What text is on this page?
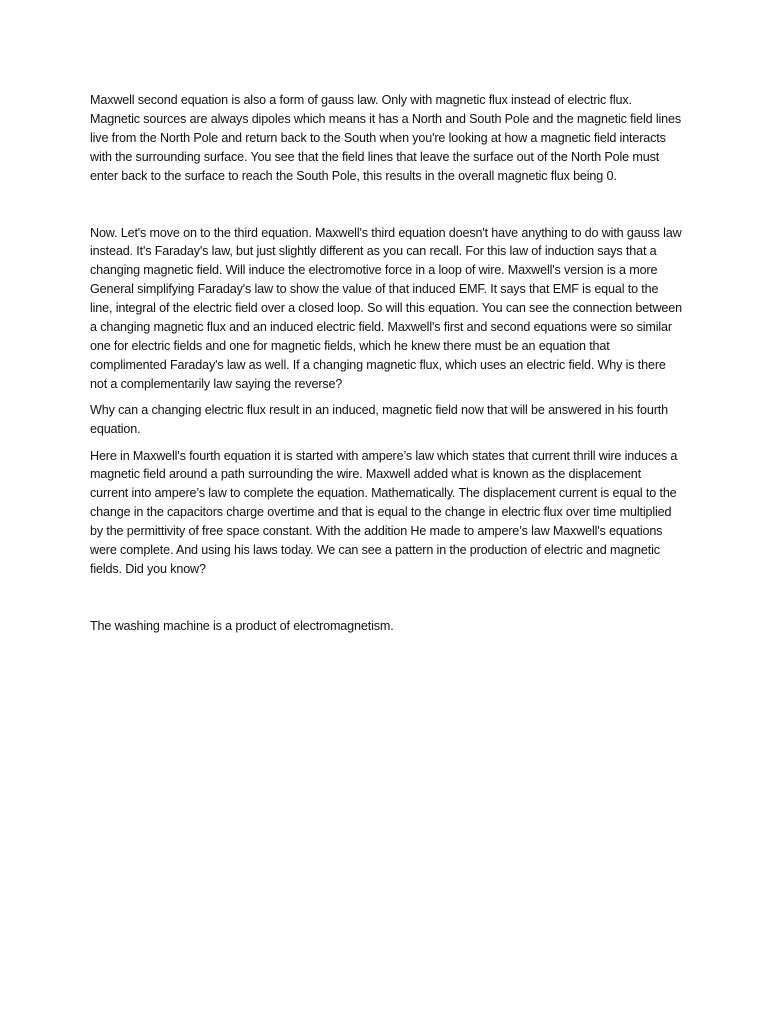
Maxwell second equation is also a form of gauss law. Only with magnetic flux instead of electric flux. Magnetic sources are always dipoles which means it has a North and South Pole and the magnetic field lines live from the North Pole and return back to the South when you're looking at how a magnetic field interacts with the surrounding surface. You see that the field lines that leave the surface out of the North Pole must enter back to the surface to reach the South Pole, this results in the overall magnetic flux being 0.

Now. Let's move on to the third equation. Maxwell's third equation doesn't have anything to do with gauss law instead. It's Faraday's law, but just slightly different as you can recall. For this law of induction says that a changing magnetic field. Will induce the electromotive force in a loop of wire. Maxwell's version is a more General simplifying Faraday's law to show the value of that induced EMF. It says that EMF is equal to the line, integral of the electric field over a closed loop. So will this equation. You can see the connection between a changing magnetic flux and an induced electric field. Maxwell's first and second equations were so similar one for electric fields and one for magnetic fields, which he knew there must be an equation that complimented Faraday's law as well. If a changing magnetic flux, which uses an electric field. Why is there not a complementarily law saying the reverse?

Why can a changing electric flux result in an induced, magnetic field now that will be answered in his fourth equation.

Here in Maxwell's fourth equation it is started with ampere’s law which states that current thrill wire induces a magnetic field around a path surrounding the wire. Maxwell added what is known as the displacement current into ampere’s law to complete the equation. Mathematically. The displacement current is equal to the change in the capacitors charge overtime and that is equal to the change in electric flux over time multiplied by the permittivity of free space constant. With the addition He made to ampere’s law Maxwell's equations were complete. And using his laws today. We can see a pattern in the production of electric and magnetic fields. Did you know?

The washing machine is a product of electromagnetism.
